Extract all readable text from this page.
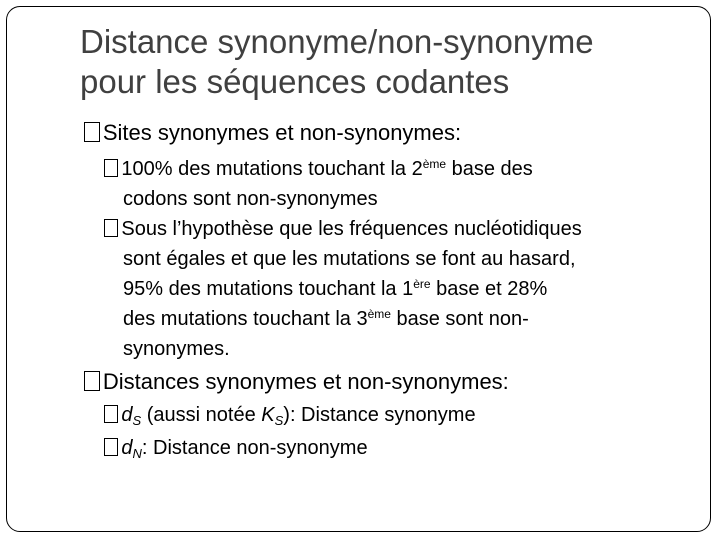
Distance synonyme/non-synonyme
pour les séquences codantes
Sites synonymes et non-synonymes:
100% des mutations touchant la 2ème base des
codons sont non-synonymes
Sous l’hypothèse que les fréquences nucléotidiques
sont égales et que les mutations se font au hasard,
95% des mutations touchant la 1ère base et 28%
des mutations touchant la 3ème base sont non-
synonymes.
Distances synonymes et non-synonymes:
$d_S$ (aussi notée $K_S$): Distance synonyme
$d_N$: Distance non-synonyme
